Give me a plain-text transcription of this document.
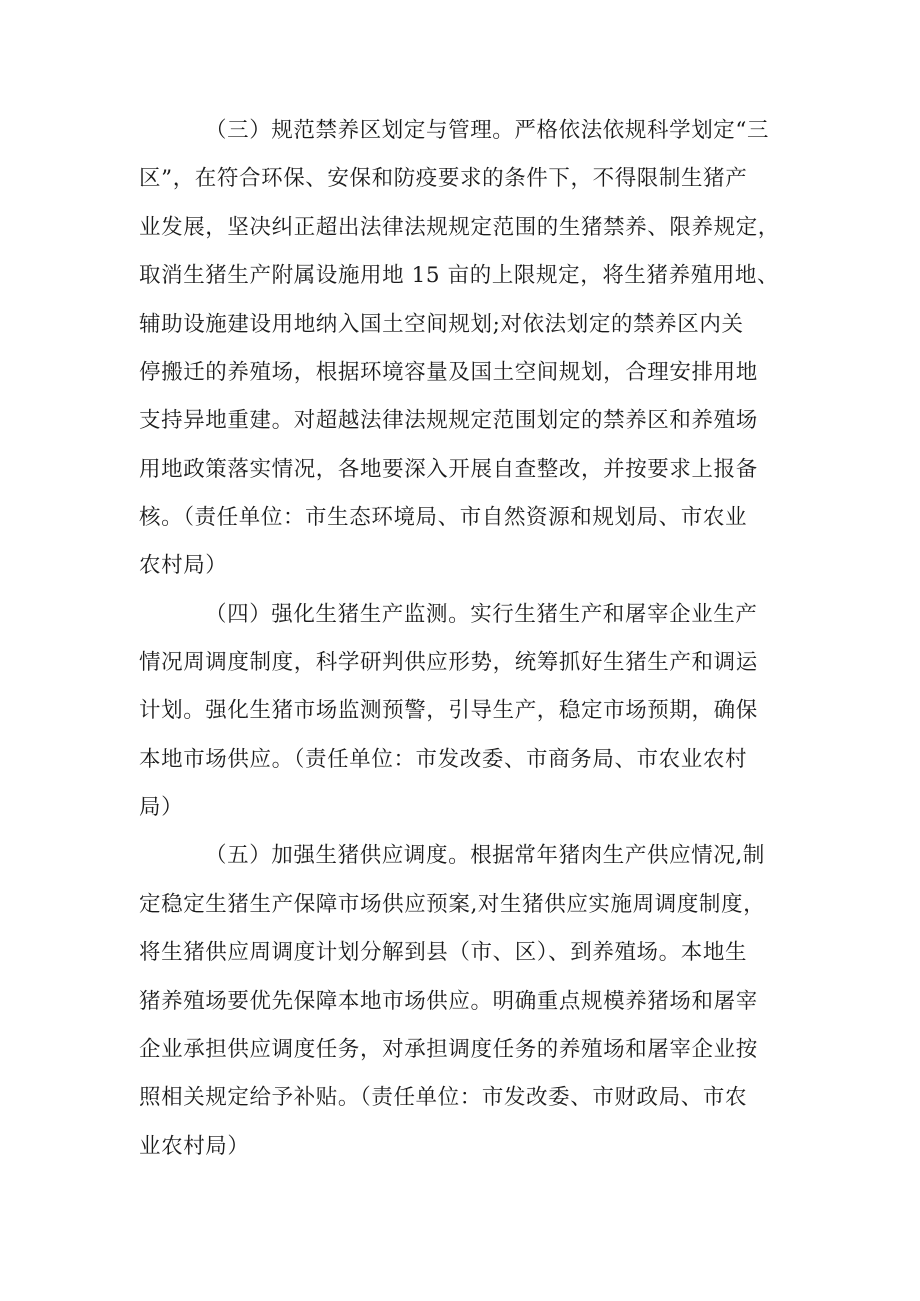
（三）规范禁养区划定与管理。严格依法依规科学划定“三
区”，在符合环保、安保和防疫要求的条件下，不得限制生猪产
业发展，坚决纠正超出法律法规规定范围的生猪禁养、限养规定，
取消生猪生产附属设施用地 15 亩的上限规定，将生猪养殖用地、
辅助设施建设用地纳入国土空间规划;对依法划定的禁养区内关
停搬迁的养殖场，根据环境容量及国土空间规划，合理安排用地
支持异地重建。对超越法律法规规定范围划定的禁养区和养殖场
用地政策落实情况，各地要深入开展自查整改，并按要求上报备
核。（责任单位：市生态环境局、市自然资源和规划局、市农业
农村局）
（四）强化生猪生产监测。实行生猪生产和屠宰企业生产
情况周调度制度，科学研判供应形势，统筹抓好生猪生产和调运
计划。强化生猪市场监测预警，引导生产，稳定市场预期，确保
本地市场供应。（责任单位：市发改委、市商务局、市农业农村
局）
（五）加强生猪供应调度。根据常年猪肉生产供应情况,制
定稳定生猪生产保障市场供应预案,对生猪供应实施周调度制度，
将生猪供应周调度计划分解到县（市、区）、到养殖场。本地生
猪养殖场要优先保障本地市场供应。明确重点规模养猪场和屠宰
企业承担供应调度任务，对承担调度任务的养殖场和屠宰企业按
照相关规定给予补贴。（责任单位：市发改委、市财政局、市农
业农村局）
